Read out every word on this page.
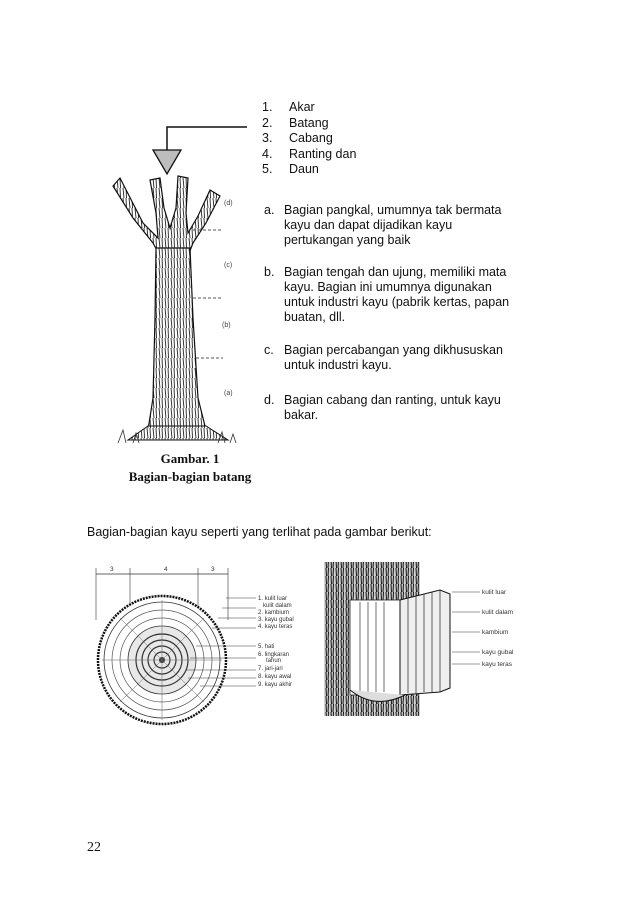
(d)
(c)
(b)
(a)
1.	Akar
2.	Batang
3.	Cabang
4.	Ranting dan
5.	Daun
a. Bagian pangkal, umumnya tak bermata kayu dan dapat dijadikan kayu pertukangan yang baik
b. Bagian tengah dan ujung, memiliki mata kayu. Bagian ini umumnya digunakan untuk industri kayu (pabrik kertas, papan buatan, dll.
c. Bagian percabangan yang dikhususkan untuk industri kayu.
d. Bagian cabang dan ranting, untuk kayu bakar.
Gambar. 1
Bagian-bagian batang
Bagian-bagian kayu seperti yang terlihat pada gambar berikut:
3	4	3
1. kulit luar
kulit dalam
2. kambium
3. kayu gubal
4. kayu teras
5. hati
6. lingkaran
tahun
7. jari-jari
8. kayu awal
9. kayu akhir
kulit luar
kulit dalam
kambium
kayu gubal
kayu teras
22
